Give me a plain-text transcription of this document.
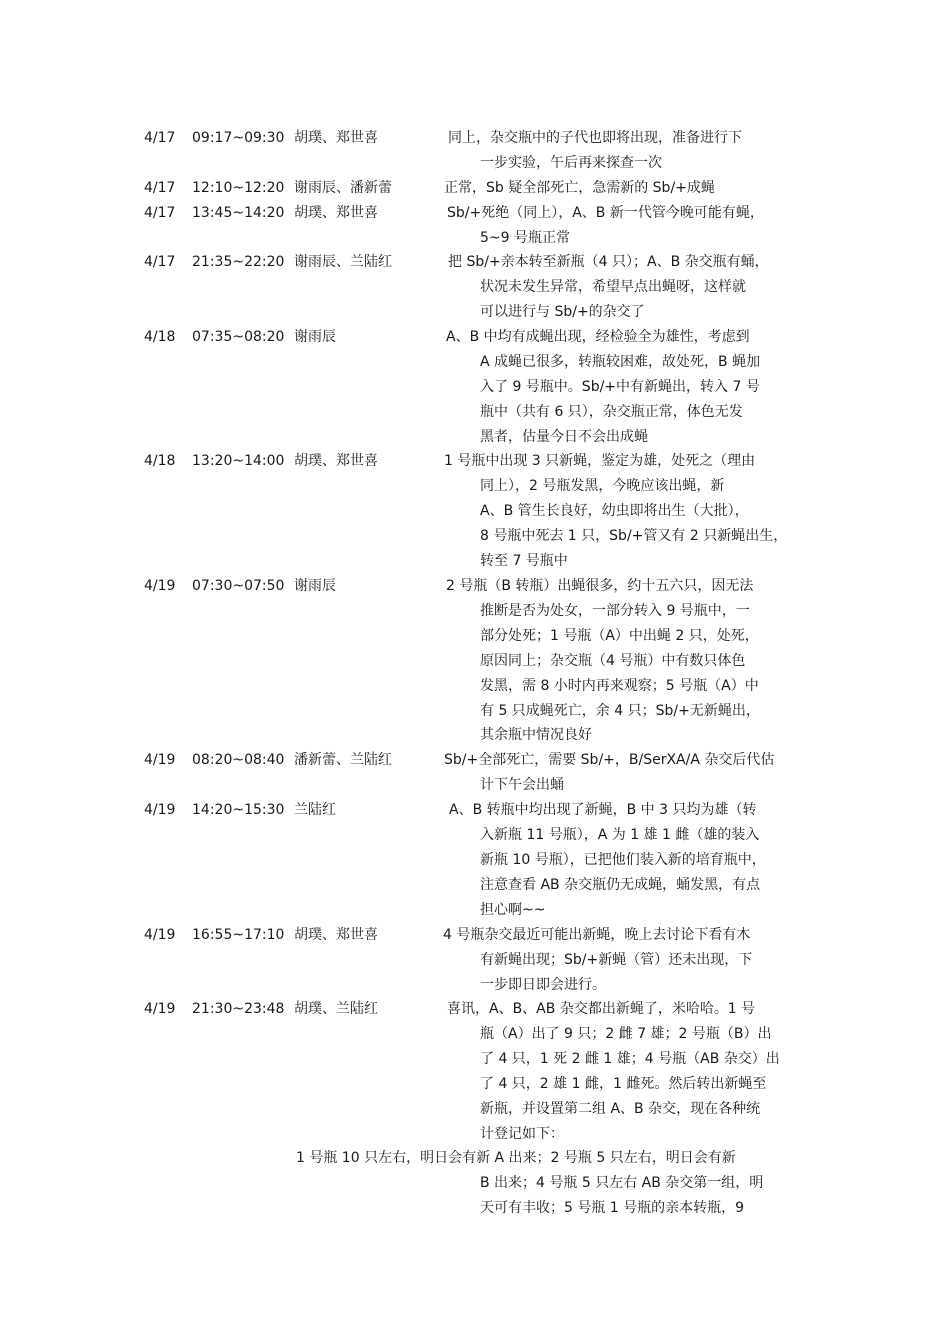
4/17 09:17~09:30 胡璞、郑世喜	同上，杂交瓶中的子代也即将出现，准备进行下
一步实验，午后再来探查一次
4/17 12:10~12:20 谢雨辰、潘新蕾	正常，Sb 疑全部死亡，急需新的 Sb/+成蝇
4/17 13:45~14:20 胡璞、郑世喜	Sb/+死绝（同上），A、B 新一代管今晚可能有蝇，
5~9 号瓶正常
4/17 21:35~22:20 谢雨辰、兰陆红	把 Sb/+亲本转至新瓶（4 只）；A、B 杂交瓶有蛹，
状况未发生异常，希望早点出蝇呀，这样就
可以进行与 Sb/+的杂交了
4/18 07:35~08:20 谢雨辰	A、B 中均有成蝇出现，经检验全为雄性，考虑到
A 成蝇已很多，转瓶较困难，故处死，B 蝇加
入了 9 号瓶中。Sb/+中有新蝇出，转入 7 号
瓶中（共有 6 只），杂交瓶正常，体色无发
黑者，估量今日不会出成蝇
4/18 13:20~14:00 胡璞、郑世喜	1 号瓶中出现 3 只新蝇，鉴定为雄，处死之（理由
同上），2 号瓶发黑，今晚应该出蝇，新
A、B 管生长良好，幼虫即将出生（大批），
8 号瓶中死去 1 只，Sb/+管又有 2 只新蝇出生，
转至 7 号瓶中
4/19 07:30~07:50 谢雨辰	2 号瓶（B 转瓶）出蝇很多，约十五六只，因无法
推断是否为处女，一部分转入 9 号瓶中，一
部分处死；1 号瓶（A）中出蝇 2 只，处死，
原因同上；杂交瓶（4 号瓶）中有数只体色
发黑，需 8 小时内再来观察；5 号瓶（A）中
有 5 只成蝇死亡，余 4 只；Sb/+无新蝇出，
其余瓶中情况良好
4/19 08:20~08:40 潘新蕾、兰陆红	Sb/+全部死亡，需要 Sb/+，B/SerXA/A 杂交后代估
计下午会出蛹
4/19 14:20~15:30 兰陆红	A、B 转瓶中均出现了新蝇，B 中 3 只均为雄（转
入新瓶 11 号瓶），A 为 1 雄 1 雌（雄的装入
新瓶 10 号瓶），已把他们装入新的培育瓶中，
注意查看 AB 杂交瓶仍无成蝇，蛹发黑，有点
担心啊~~
4/19 16:55~17:10 胡璞、郑世喜	4 号瓶杂交最近可能出新蝇，晚上去讨论下看有木
有新蝇出现；Sb/+新蝇（管）还未出现，下
一步即日即会进行。
4/19 21:30~23:48 胡璞、兰陆红	喜讯，A、B、AB 杂交都出新蝇了，米哈哈。1 号
瓶（A）出了 9 只；2 雌 7 雄；2 号瓶（B）出
了 4 只，1 死 2 雌 1 雄；4 号瓶（AB 杂交）出
了 4 只，2 雄 1 雌，1 雌死。然后转出新蝇至
新瓶，并设置第二组 A、B 杂交，现在各种统
计登记如下：
1 号瓶 10 只左右，明日会有新 A 出来；2 号瓶 5 只左右，明日会有新
B 出来；4 号瓶 5 只左右 AB 杂交第一组，明
天可有丰收；5 号瓶 1 号瓶的亲本转瓶，9
